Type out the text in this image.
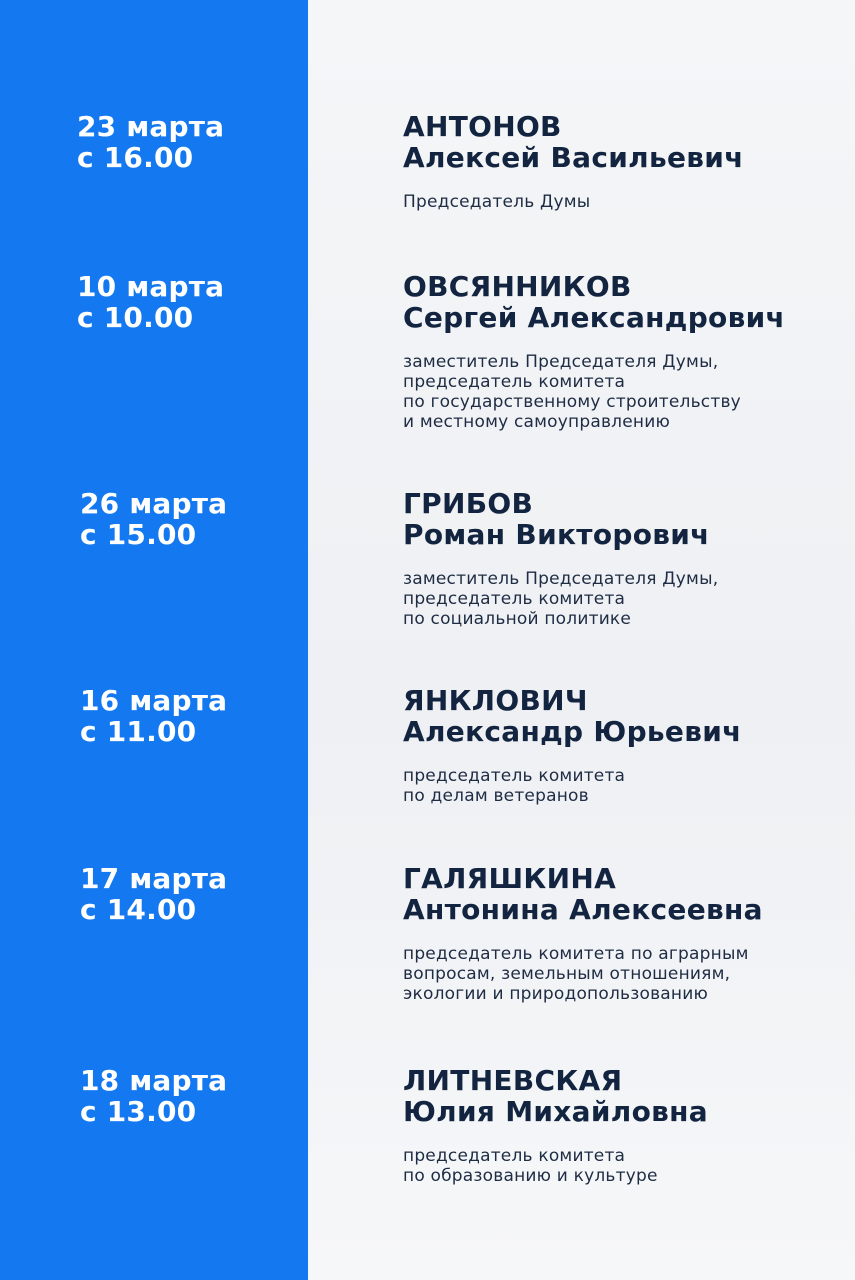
23 марта
с 16.00
АНТОНОВ
Алексей Васильевич
Председатель Думы
10 марта
с 10.00
ОВСЯННИКОВ
Сергей Александрович
заместитель Председателя Думы,
председатель комитета
по государственному строительству
и местному самоуправлению
26 марта
с 15.00
ГРИБОВ
Роман Викторович
заместитель Председателя Думы,
председатель комитета
по социальной политике
16 марта
с 11.00
ЯНКЛОВИЧ
Александр Юрьевич
председатель комитета
по делам ветеранов
17 марта
с 14.00
ГАЛЯШКИНА
Антонина Алексеевна
председатель комитета по аграрным
вопросам, земельным отношениям,
экологии и природопользованию
18 марта
с 13.00
ЛИТНЕВСКАЯ
Юлия Михайловна
председатель комитета
по образованию и культуре
